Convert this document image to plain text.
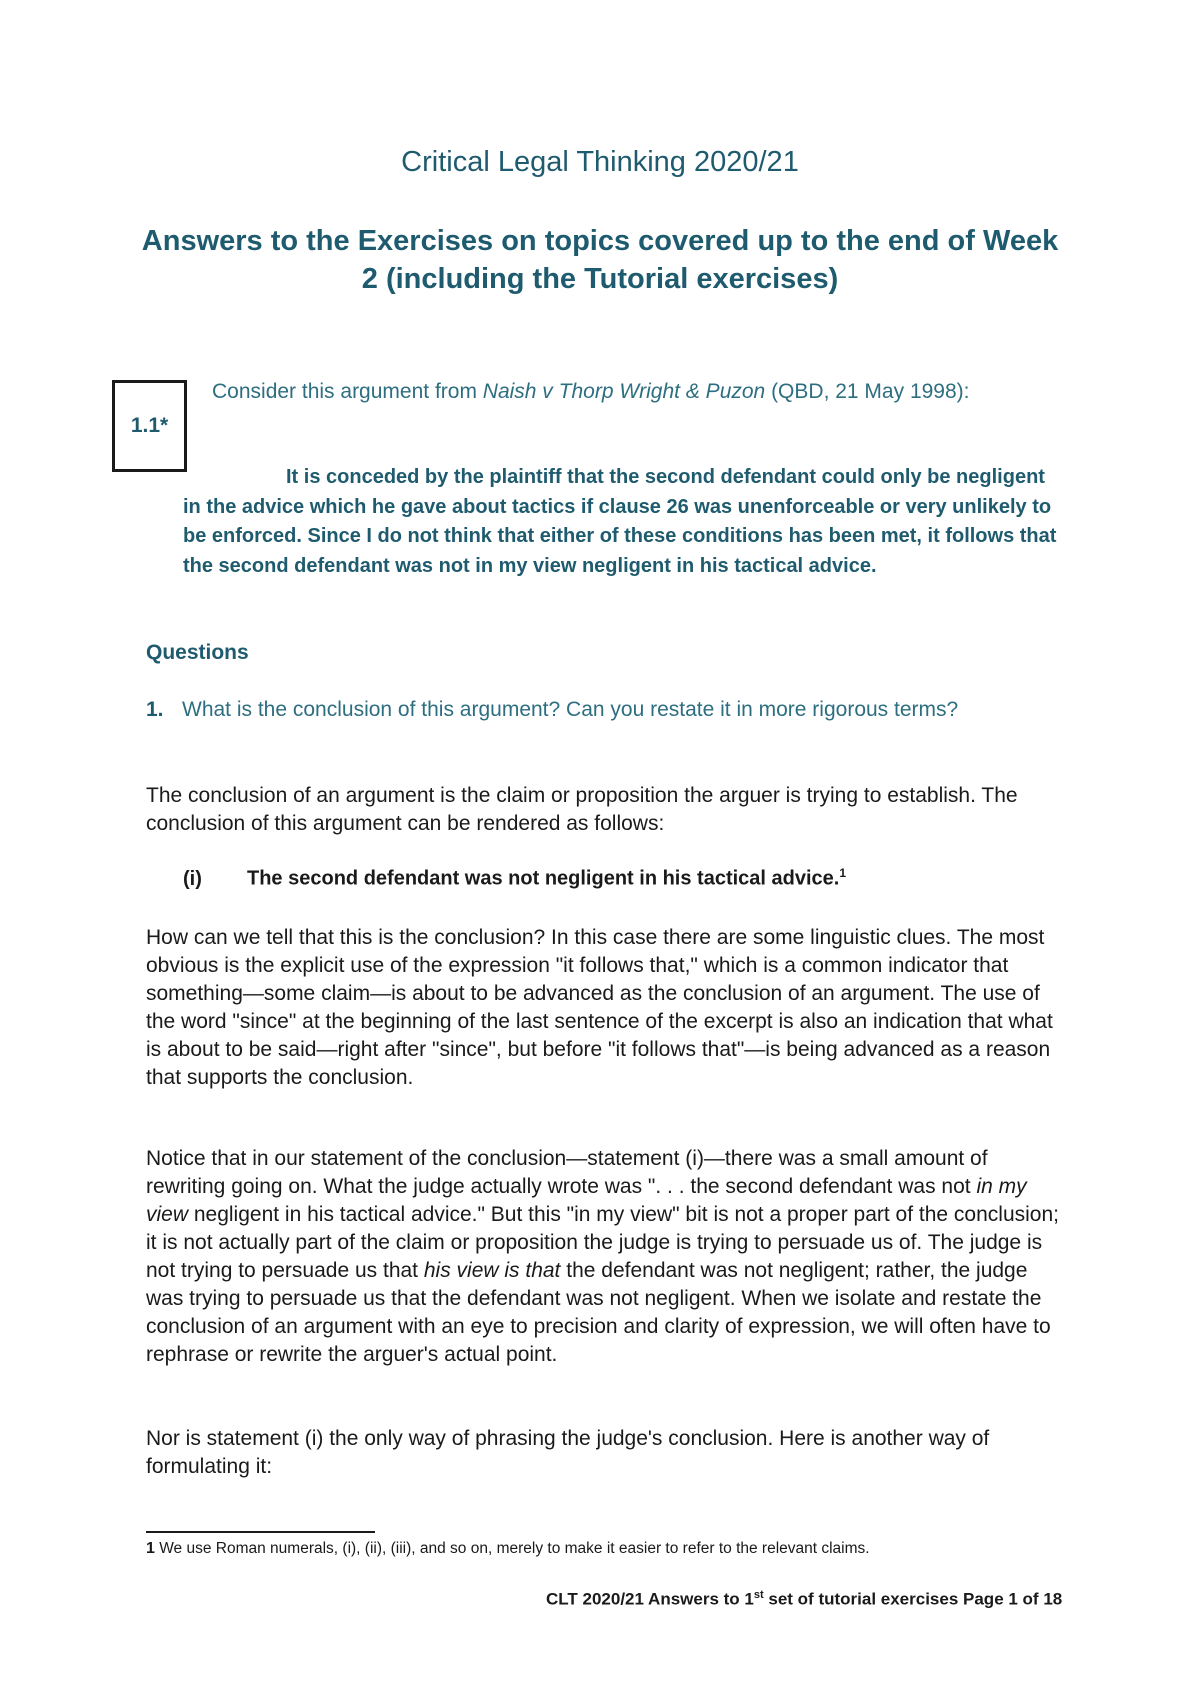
Critical Legal Thinking 2020/21
Answers to the Exercises on topics covered up to the end of Week 2 (including the Tutorial exercises)
1.1*

Consider this argument from Naish v Thorp Wright & Puzon (QBD, 21 May 1998):

It is conceded by the plaintiff that the second defendant could only be negligent in the advice which he gave about tactics if clause 26 was unenforceable or very unlikely to be enforced. Since I do not think that either of these conditions has been met, it follows that the second defendant was not in my view negligent in his tactical advice.

Questions

1. What is the conclusion of this argument? Can you restate it in more rigorous terms?

The conclusion of an argument is the claim or proposition the arguer is trying to establish. The conclusion of this argument can be rendered as follows:

(i) The second defendant was not negligent in his tactical advice.$^1$

How can we tell that this is the conclusion? In this case there are some linguistic clues. The most obvious is the explicit use of the expression "it follows that," which is a common indicator that something—some claim—is about to be advanced as the conclusion of an argument. The use of the word "since" at the beginning of the last sentence of the excerpt is also an indication that what is about to be said—right after "since", but before "it follows that"—is being advanced as a reason that supports the conclusion.

Notice that in our statement of the conclusion—statement (i)—there was a small amount of rewriting going on. What the judge actually wrote was ". . . the second defendant was not in my view negligent in his tactical advice." But this "in my view" bit is not a proper part of the conclusion; it is not actually part of the claim or proposition the judge is trying to persuade us of. The judge is not trying to persuade us that his view is that the defendant was not negligent; rather, the judge was trying to persuade us that the defendant was not negligent. When we isolate and restate the conclusion of an argument with an eye to precision and clarity of expression, we will often have to rephrase or rewrite the arguer's actual point.

Nor is statement (i) the only way of phrasing the judge's conclusion. Here is another way of formulating it:

1 We use Roman numerals, (i), (ii), (iii), and so on, merely to make it easier to refer to the relevant claims.

CLT 2020/21 Answers to 1st set of tutorial exercises Page 1 of 18
